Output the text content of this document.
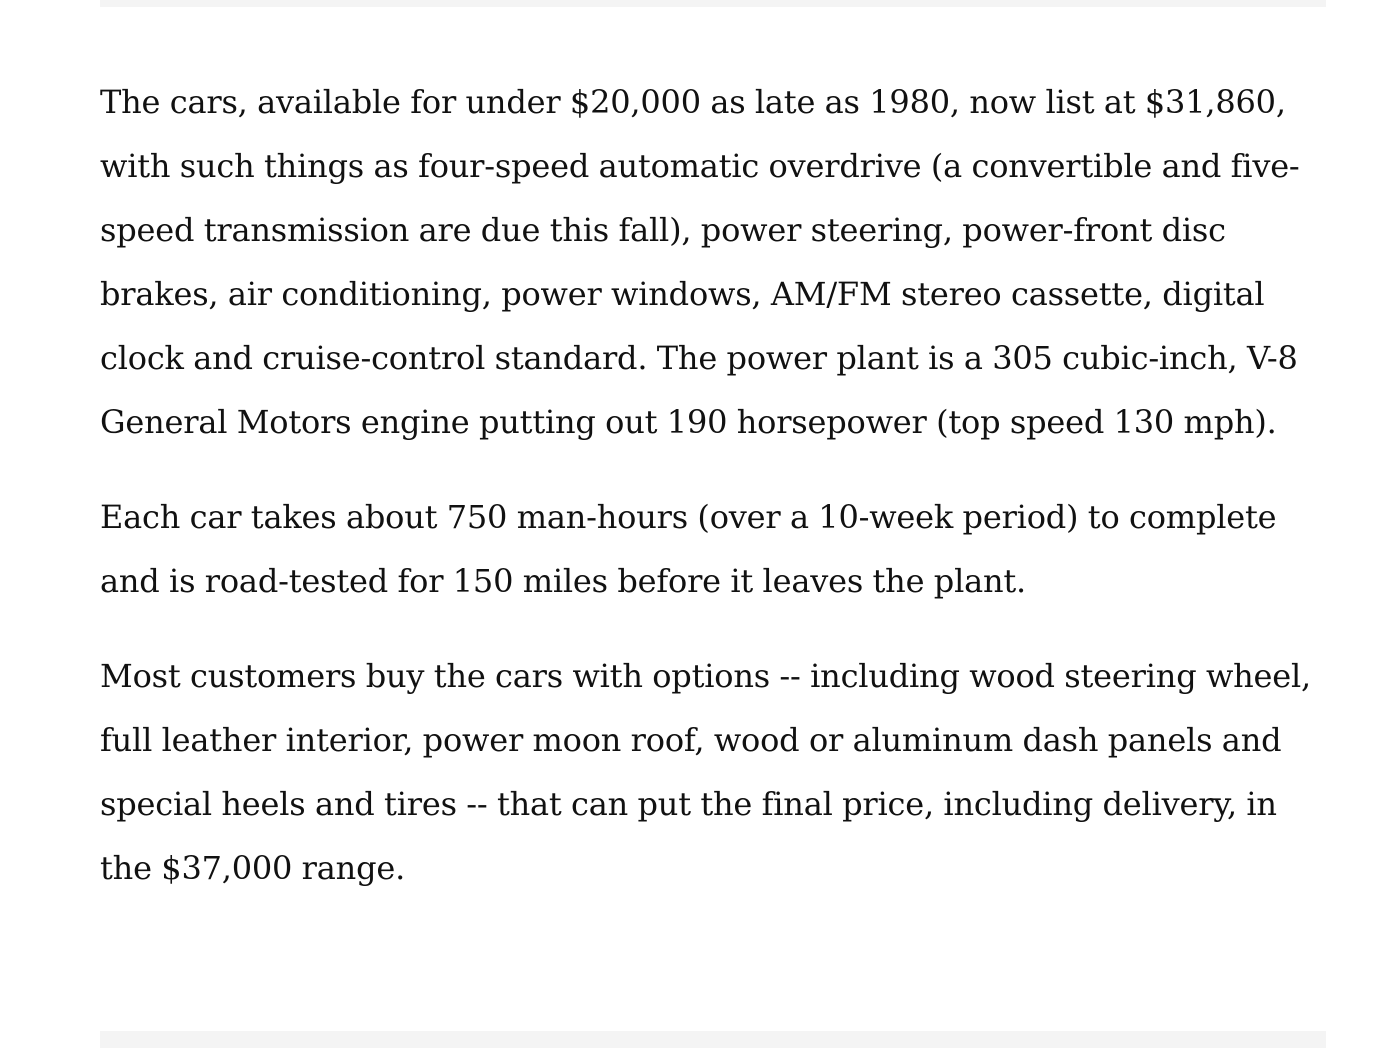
The cars, available for under $20,000 as late as 1980, now list at $31,860, with such things as four-speed automatic overdrive (a convertible and five-speed transmission are due this fall), power steering, power-front disc brakes, air conditioning, power windows, AM/FM stereo cassette, digital clock and cruise-control standard. The power plant is a 305 cubic-inch, V-8 General Motors engine putting out 190 horsepower (top speed 130 mph).

Each car takes about 750 man-hours (over a 10-week period) to complete and is road-tested for 150 miles before it leaves the plant.

Most customers buy the cars with options -- including wood steering wheel, full leather interior, power moon roof, wood or aluminum dash panels and special heels and tires -- that can put the final price, including delivery, in the $37,000 range.
